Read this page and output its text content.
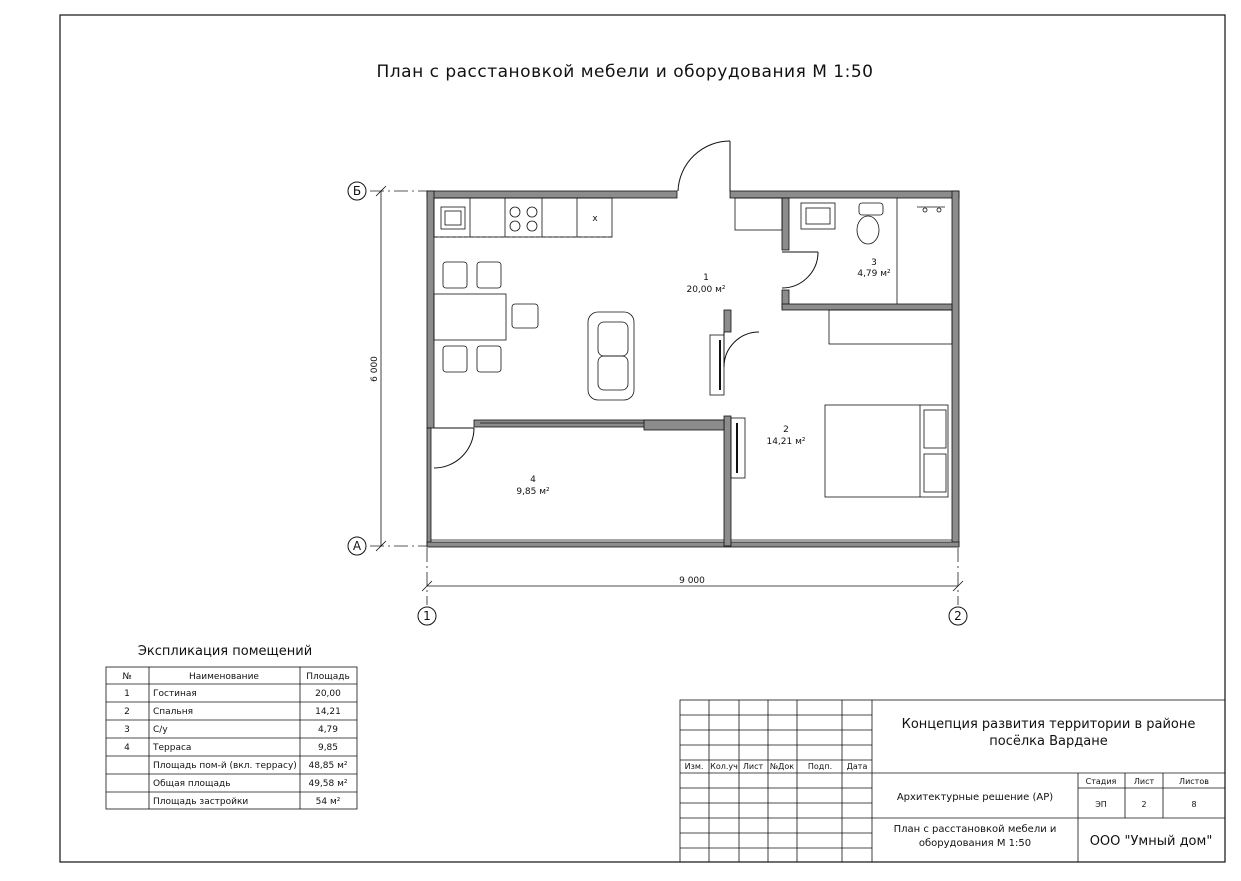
План с расстановкой мебели и оборудования М 1:50
Б
А
1	2
6 000
9 000
x
1
20,00 м²
2
14,21 м²
3
4,79 м²
4
9,85 м²
Экспликация помещений
№	Наименование	Площадь
1	Гостиная	20,00
2	Спальня	14,21
3	С/у	4,79
4	Терраса	9,85
Площадь пом-й (вкл. террасу) 48,85 м²
Общая площадь	49,58 м²
Площадь застройки	54 м²
Изм. Кол.уч Лист №Док Подп. Дата
Концепция развития территории в районе посёлка Вардане
Архитектурные решение (АР)
Стадия Лист	Листов
ЭП	2	8
План с расстановкой мебели и оборудования М 1:50	ООО "Умный дом"
